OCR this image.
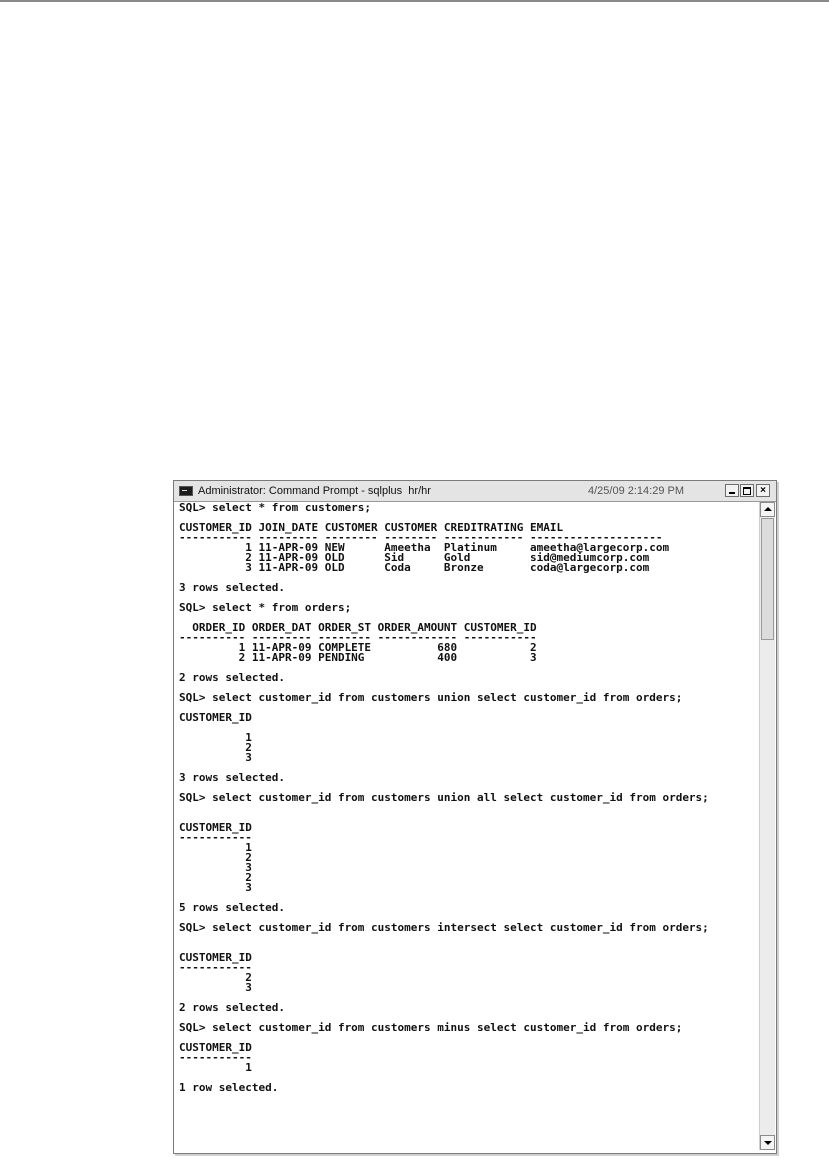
Administrator: Command Prompt - sqlplus  hr/hr	4/25/09 2:14:29 PM	×
SQL> select * from customers;

CUSTOMER_ID JOIN_DATE CUSTOMER CUSTOMER CREDITRATING EMAIL
----------- --------- -------- -------- ------------ --------------------
1 11-APR-09 NEW      Ameetha  Platinum     ameetha@largecorp.com
2 11-APR-09 OLD      Sid      Gold         sid@mediumcorp.com
3 11-APR-09 OLD      Coda     Bronze       coda@largecorp.com

3 rows selected.

SQL> select * from orders;

ORDER_ID ORDER_DAT ORDER_ST ORDER_AMOUNT CUSTOMER_ID
---------- --------- -------- ------------ -----------
1 11-APR-09 COMPLETE          680           2
2 11-APR-09 PENDING           400           3

2 rows selected.

SQL> select customer_id from customers union select customer_id from orders;

CUSTOMER_ID

1
2
3

3 rows selected.

SQL> select customer_id from customers union all select customer_id from orders;

CUSTOMER_ID
-----------
1
2
3
2
3

5 rows selected.

SQL> select customer_id from customers intersect select customer_id from orders;

CUSTOMER_ID
-----------
2
3

2 rows selected.

SQL> select customer_id from customers minus select customer_id from orders;

CUSTOMER_ID
-----------
1

1 row selected.
